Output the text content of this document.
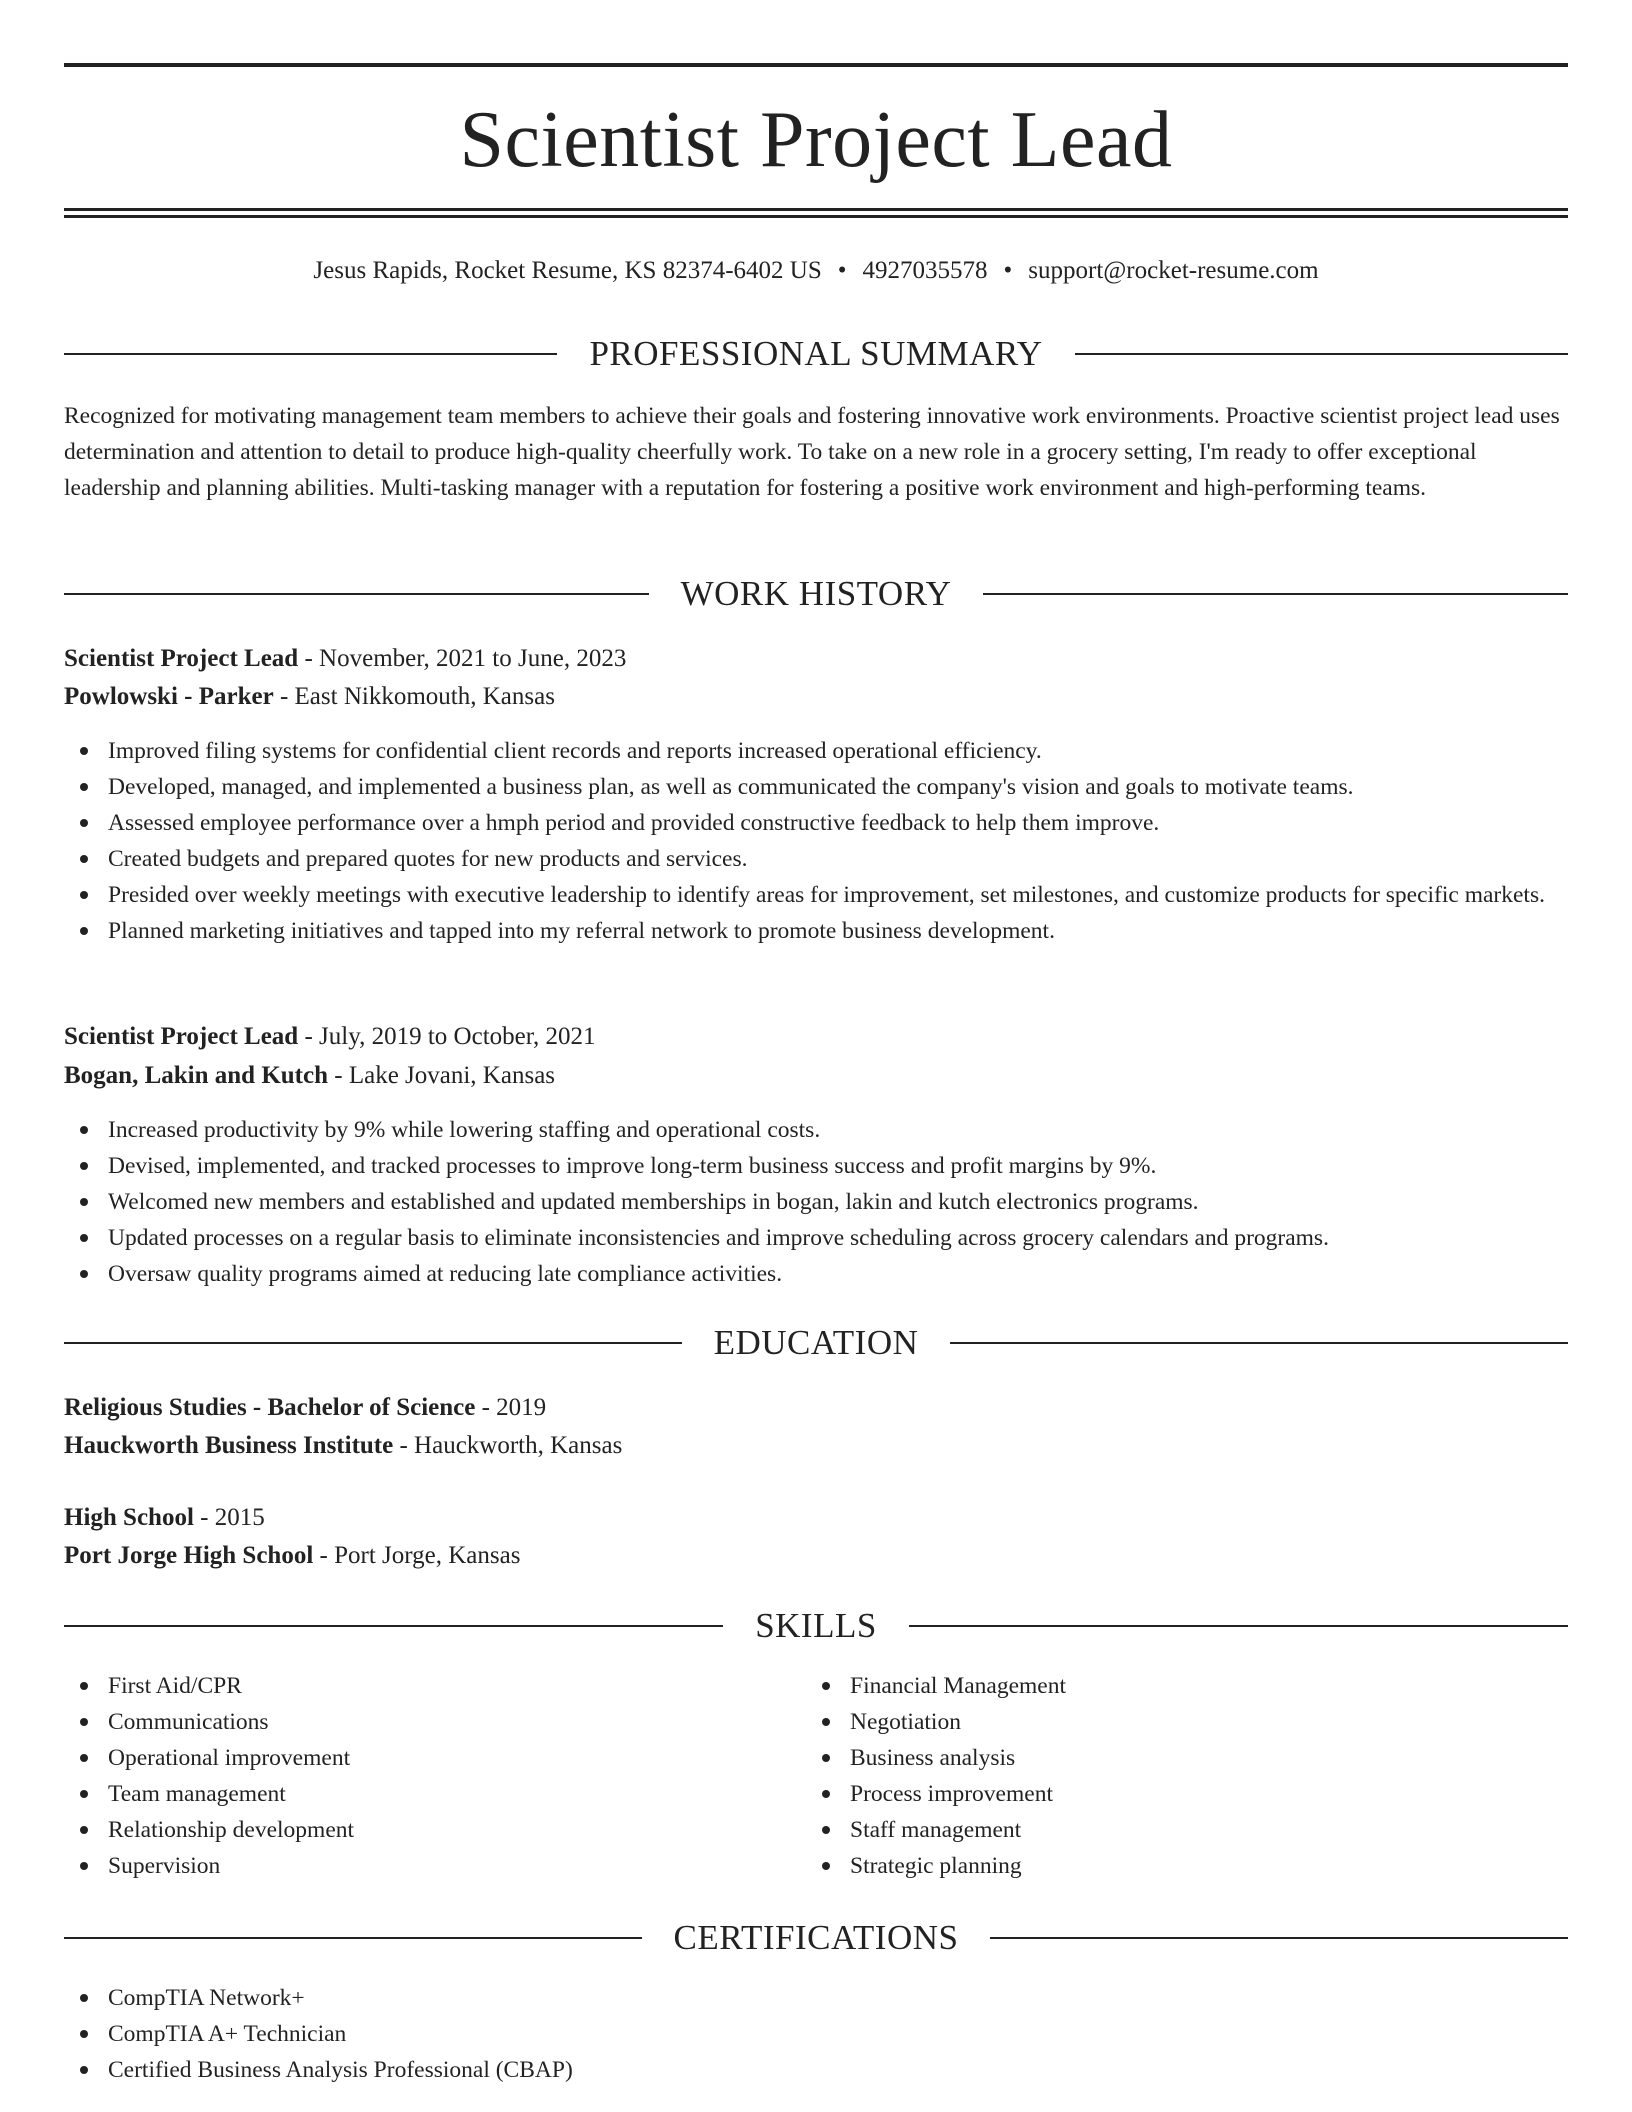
Scientist Project Lead
Jesus Rapids, Rocket Resume, KS 82374-6402 US • 4927035578 • support@rocket-resume.com
PROFESSIONAL SUMMARY
Recognized for motivating management team members to achieve their goals and fostering innovative work environments. Proactive scientist project lead uses determination and attention to detail to produce high-quality cheerfully work. To take on a new role in a grocery setting, I'm ready to offer exceptional leadership and planning abilities. Multi-tasking manager with a reputation for fostering a positive work environment and high-performing teams.
WORK HISTORY
Scientist Project Lead - November, 2021 to June, 2023
Powlowski - Parker - East Nikkomouth, Kansas
Improved filing systems for confidential client records and reports increased operational efficiency.
Developed, managed, and implemented a business plan, as well as communicated the company's vision and goals to motivate teams.
Assessed employee performance over a hmph period and provided constructive feedback to help them improve.
Created budgets and prepared quotes for new products and services.
Presided over weekly meetings with executive leadership to identify areas for improvement, set milestones, and customize products for specific markets.
Planned marketing initiatives and tapped into my referral network to promote business development.
Scientist Project Lead - July, 2019 to October, 2021
Bogan, Lakin and Kutch - Lake Jovani, Kansas
Increased productivity by 9% while lowering staffing and operational costs.
Devised, implemented, and tracked processes to improve long-term business success and profit margins by 9%.
Welcomed new members and established and updated memberships in bogan, lakin and kutch electronics programs.
Updated processes on a regular basis to eliminate inconsistencies and improve scheduling across grocery calendars and programs.
Oversaw quality programs aimed at reducing late compliance activities.
EDUCATION
Religious Studies - Bachelor of Science - 2019
Hauckworth Business Institute - Hauckworth, Kansas
High School - 2015
Port Jorge High School - Port Jorge, Kansas
SKILLS
First Aid/CPR
Communications
Operational improvement
Team management
Relationship development
Supervision
Financial Management
Negotiation
Business analysis
Process improvement
Staff management
Strategic planning
CERTIFICATIONS
CompTIA Network+
CompTIA A+ Technician
Certified Business Analysis Professional (CBAP)
